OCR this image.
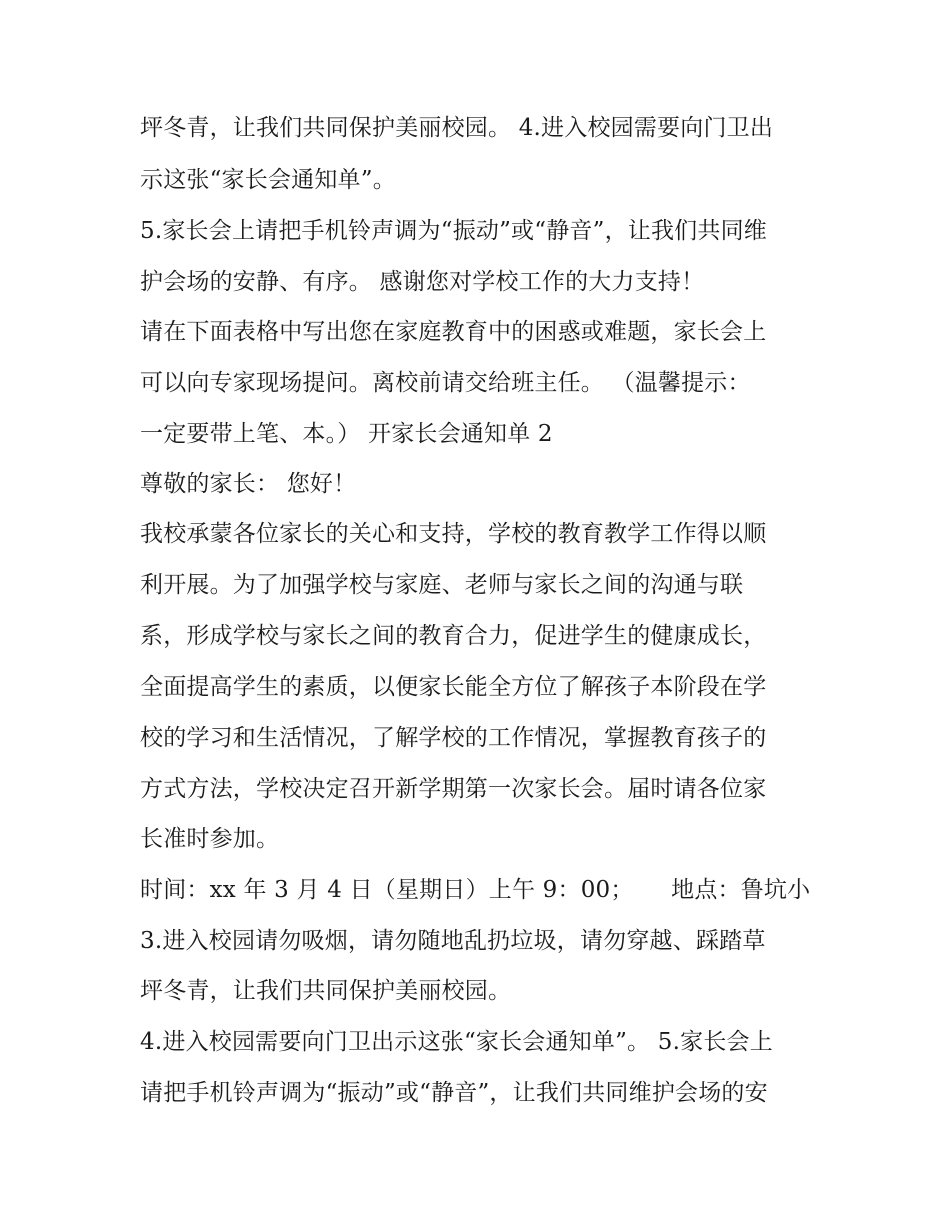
坪冬青，让我们共同保护美丽校园。 4.进入校园需要向门卫出
示这张“家长会通知单”。
5.家长会上请把手机铃声调为“振动”或“静音”，让我们共同维
护会场的安静、有序。 感谢您对学校工作的大力支持！
请在下面表格中写出您在家庭教育中的困惑或难题，家长会上
可以向专家现场提问。离校前请交给班主任。 （温馨提示：
一定要带上笔、本。） 开家长会通知单 2
尊敬的家长： 您好！
我校承蒙各位家长的关心和支持，学校的教育教学工作得以顺
利开展。为了加强学校与家庭、老师与家长之间的沟通与联
系，形成学校与家长之间的教育合力，促进学生的健康成长，
全面提高学生的素质，以便家长能全方位了解孩子本阶段在学
校的学习和生活情况，了解学校的工作情况，掌握教育孩子的
方式方法，学校决定召开新学期第一次家长会。届时请各位家
长准时参加。
时间：xx 年 3 月 4 日（星期日）上午 9：00；     地点：鲁坑小
3.进入校园请勿吸烟，请勿随地乱扔垃圾，请勿穿越、踩踏草
坪冬青，让我们共同保护美丽校园。
4.进入校园需要向门卫出示这张“家长会通知单”。 5.家长会上
请把手机铃声调为“振动”或“静音”，让我们共同维护会场的安
